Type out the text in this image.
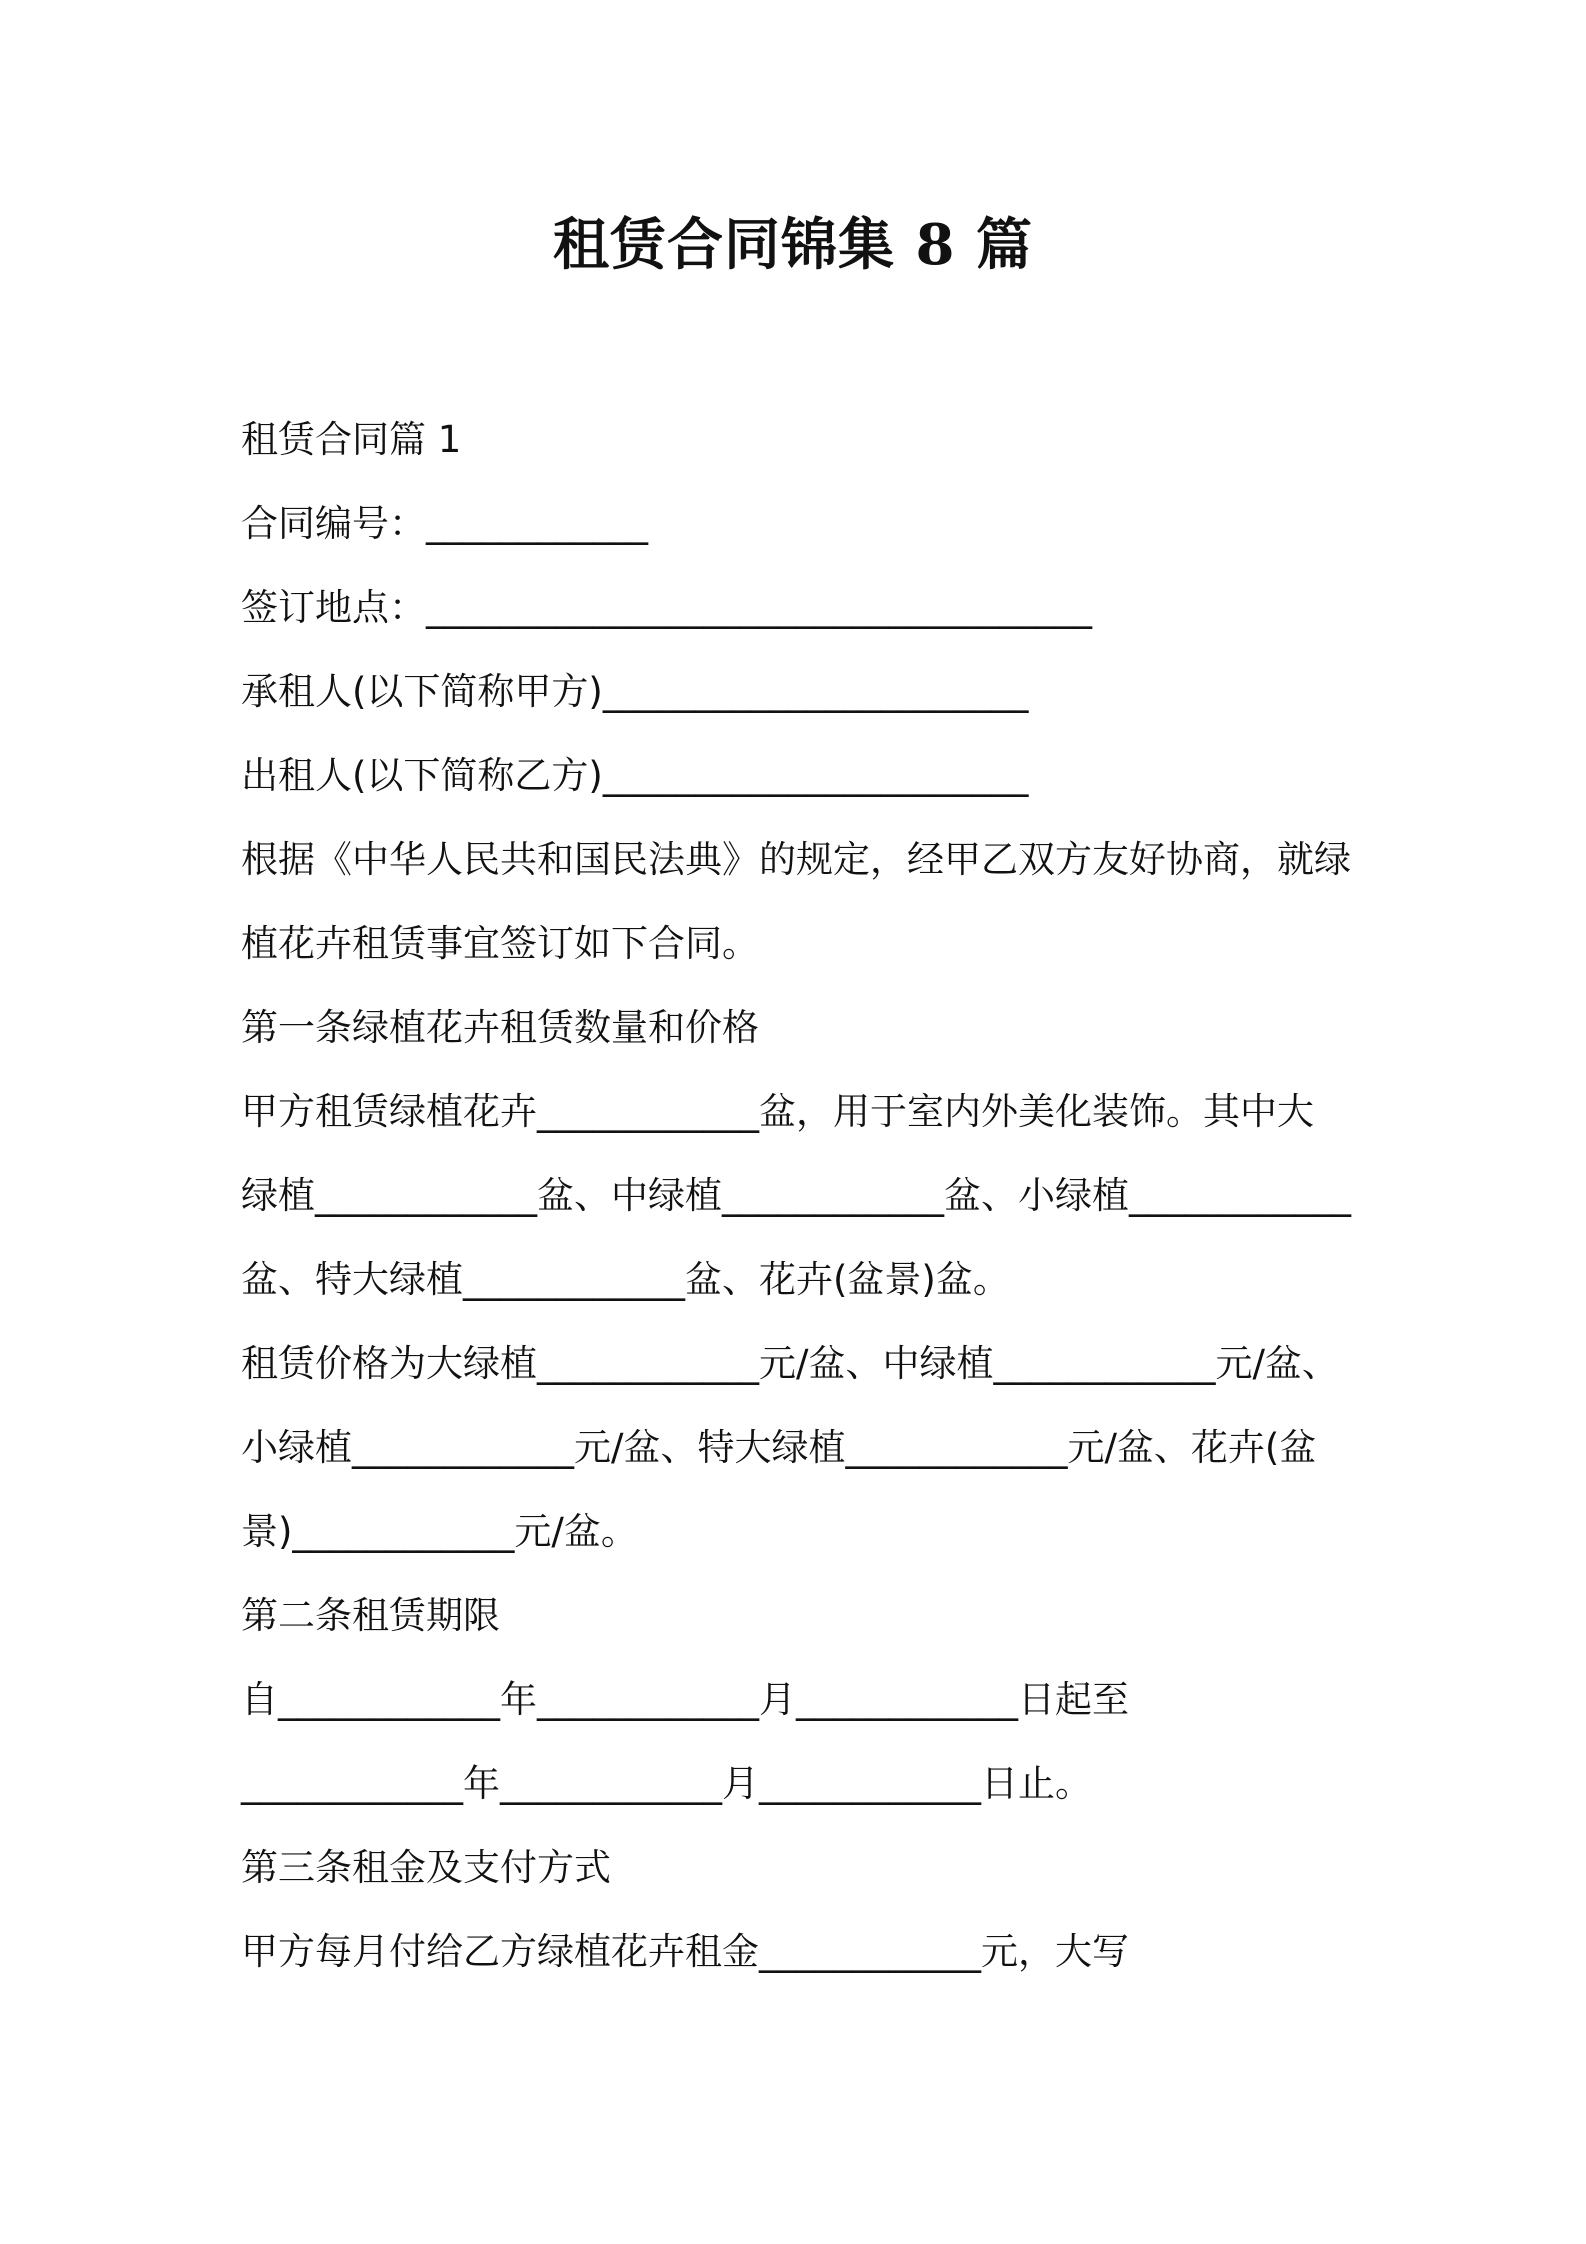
租赁合同锦集 8 篇

租赁合同篇 1

合同编号：____________

签订地点：____________________________________

承租人(以下简称甲方)_______________________

出租人(以下简称乙方)_______________________

根据《中华人民共和国民法典》的规定，经甲乙双方友好协商，就绿

植花卉租赁事宜签订如下合同。

第一条绿植花卉租赁数量和价格

甲方租赁绿植花卉____________盆，用于室内外美化装饰。其中大

绿植____________盆、中绿植____________盆、小绿植____________

盆、特大绿植____________盆、花卉(盆景)盆。

租赁价格为大绿植____________元/盆、中绿植____________元/盆、

小绿植____________元/盆、特大绿植____________元/盆、花卉(盆

景)____________元/盆。

第二条租赁期限

自____________年____________月____________日起至

____________年____________月____________日止。

第三条租金及支付方式

甲方每月付给乙方绿植花卉租金____________元，大写
